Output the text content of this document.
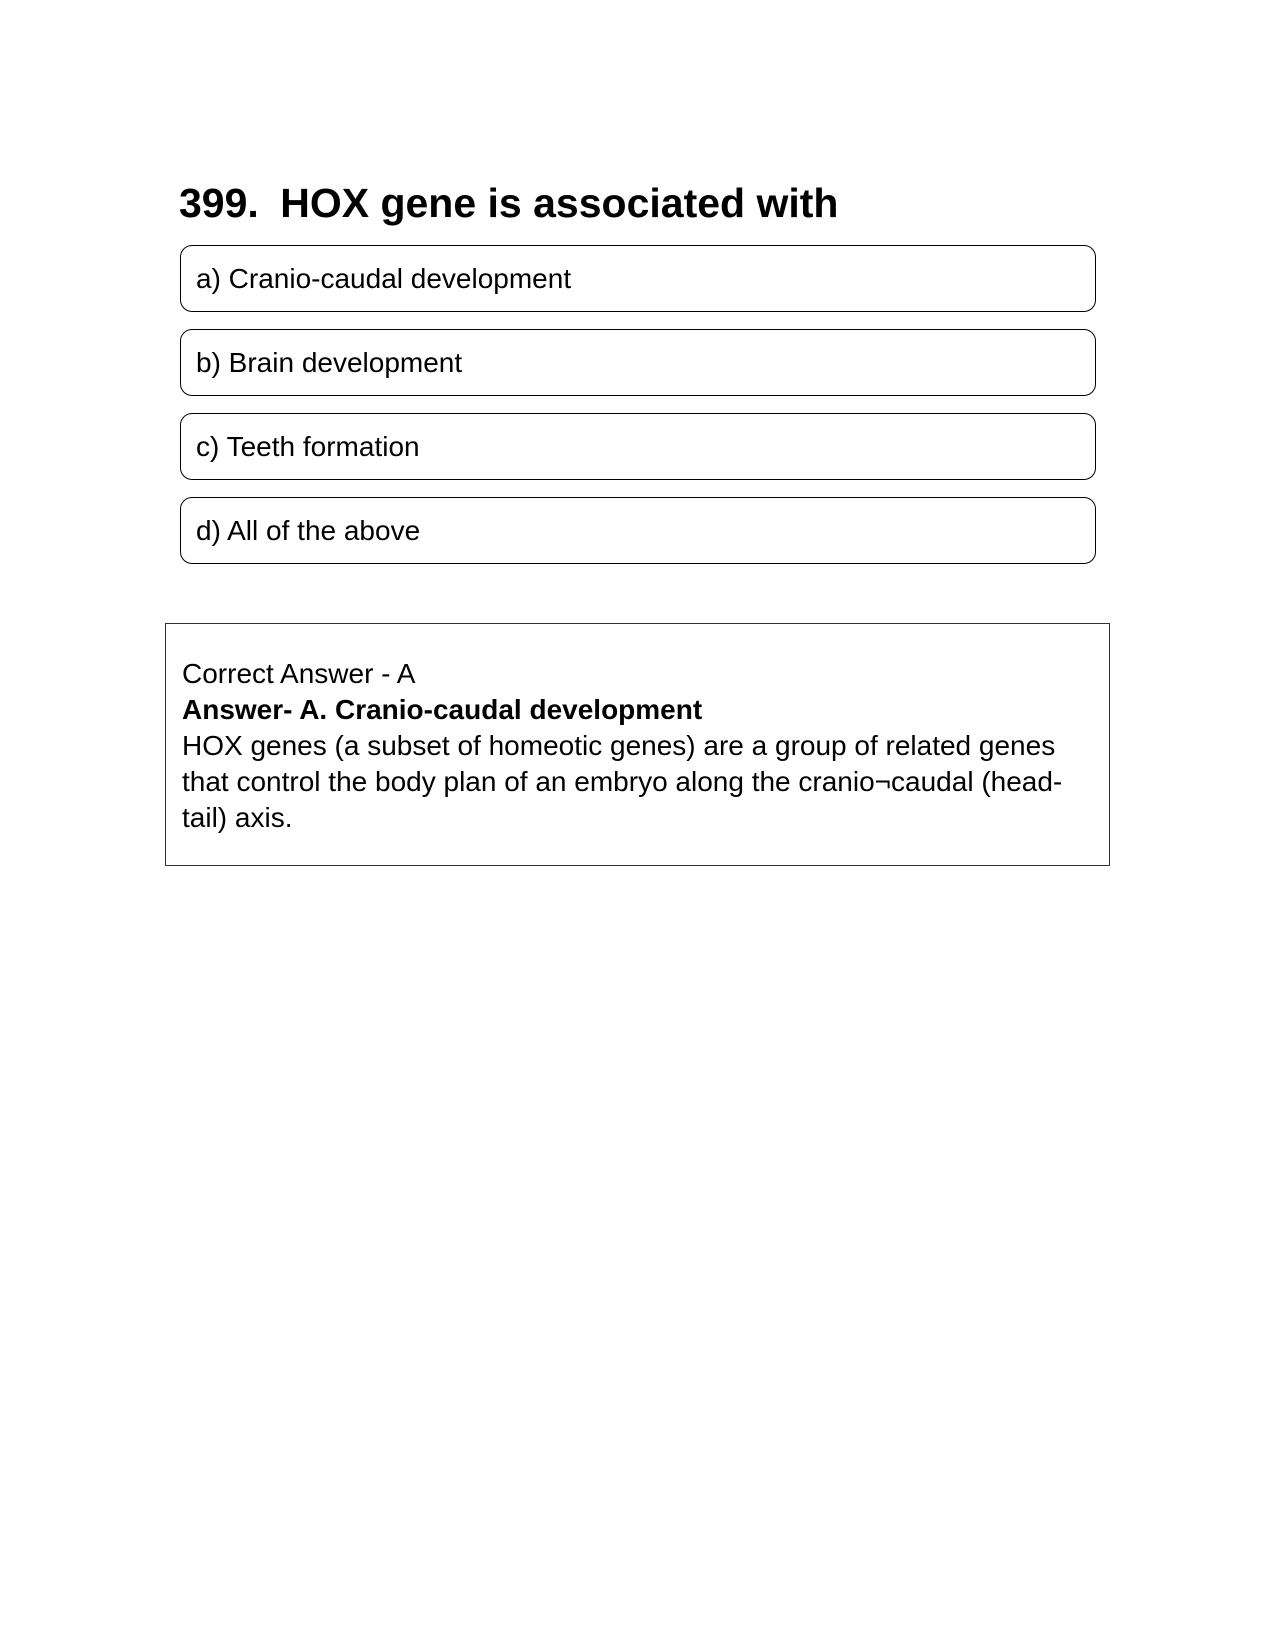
399. HOX gene is associated with
a) Cranio-caudal development
b) Brain development
c) Teeth formation
d) All of the above
Correct Answer - A
Answer- A. Cranio-caudal development
HOX genes (a subset of homeotic genes) are a group of related genes that control the body plan of an embryo along the cranio¬caudal (head-tail) axis.
